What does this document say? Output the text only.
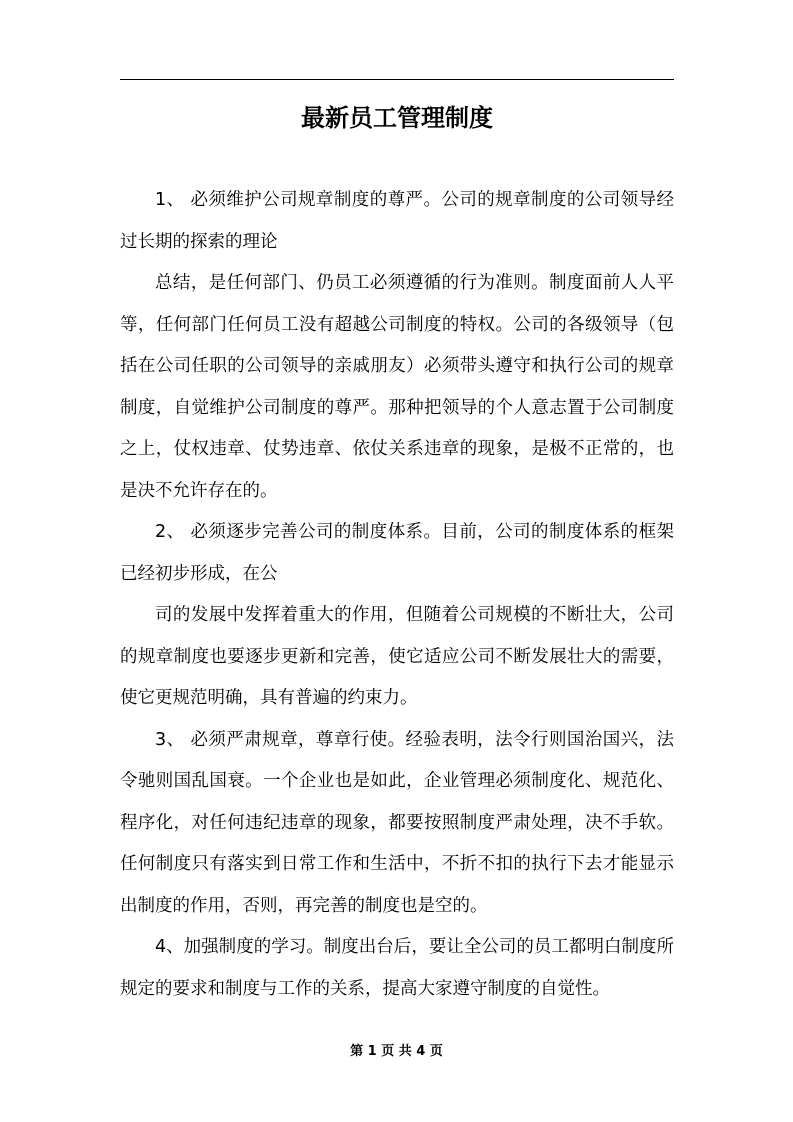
最新员工管理制度

1、 必须维护公司规章制度的尊严。公司的规章制度的公司领导经过长期的探索的理论

总结，是任何部门、仍员工必须遵循的行为准则。制度面前人人平等，任何部门任何员工没有超越公司制度的特权。公司的各级领导（包括在公司任职的公司领导的亲戚朋友）必须带头遵守和执行公司的规章制度，自觉维护公司制度的尊严。那种把领导的个人意志置于公司制度之上，仗权违章、仗势违章、依仗关系违章的现象，是极不正常的，也是决不允许存在的。

2、 必须逐步完善公司的制度体系。目前，公司的制度体系的框架已经初步形成，在公

司的发展中发挥着重大的作用，但随着公司规模的不断壮大，公司的规章制度也要逐步更新和完善，使它适应公司不断发展壮大的需要，使它更规范明确，具有普遍的约束力。

3、 必须严肃规章，尊章行使。经验表明，法令行则国治国兴，法令驰则国乱国衰。一个企业也是如此，企业管理必须制度化、规范化、程序化，对任何违纪违章的现象，都要按照制度严肃处理，决不手软。任何制度只有落实到日常工作和生活中，不折不扣的执行下去才能显示出制度的作用，否则，再完善的制度也是空的。

4、加强制度的学习。制度出台后，要让全公司的员工都明白制度所规定的要求和制度与工作的关系，提高大家遵守制度的自觉性。

第 1 页 共 4 页
